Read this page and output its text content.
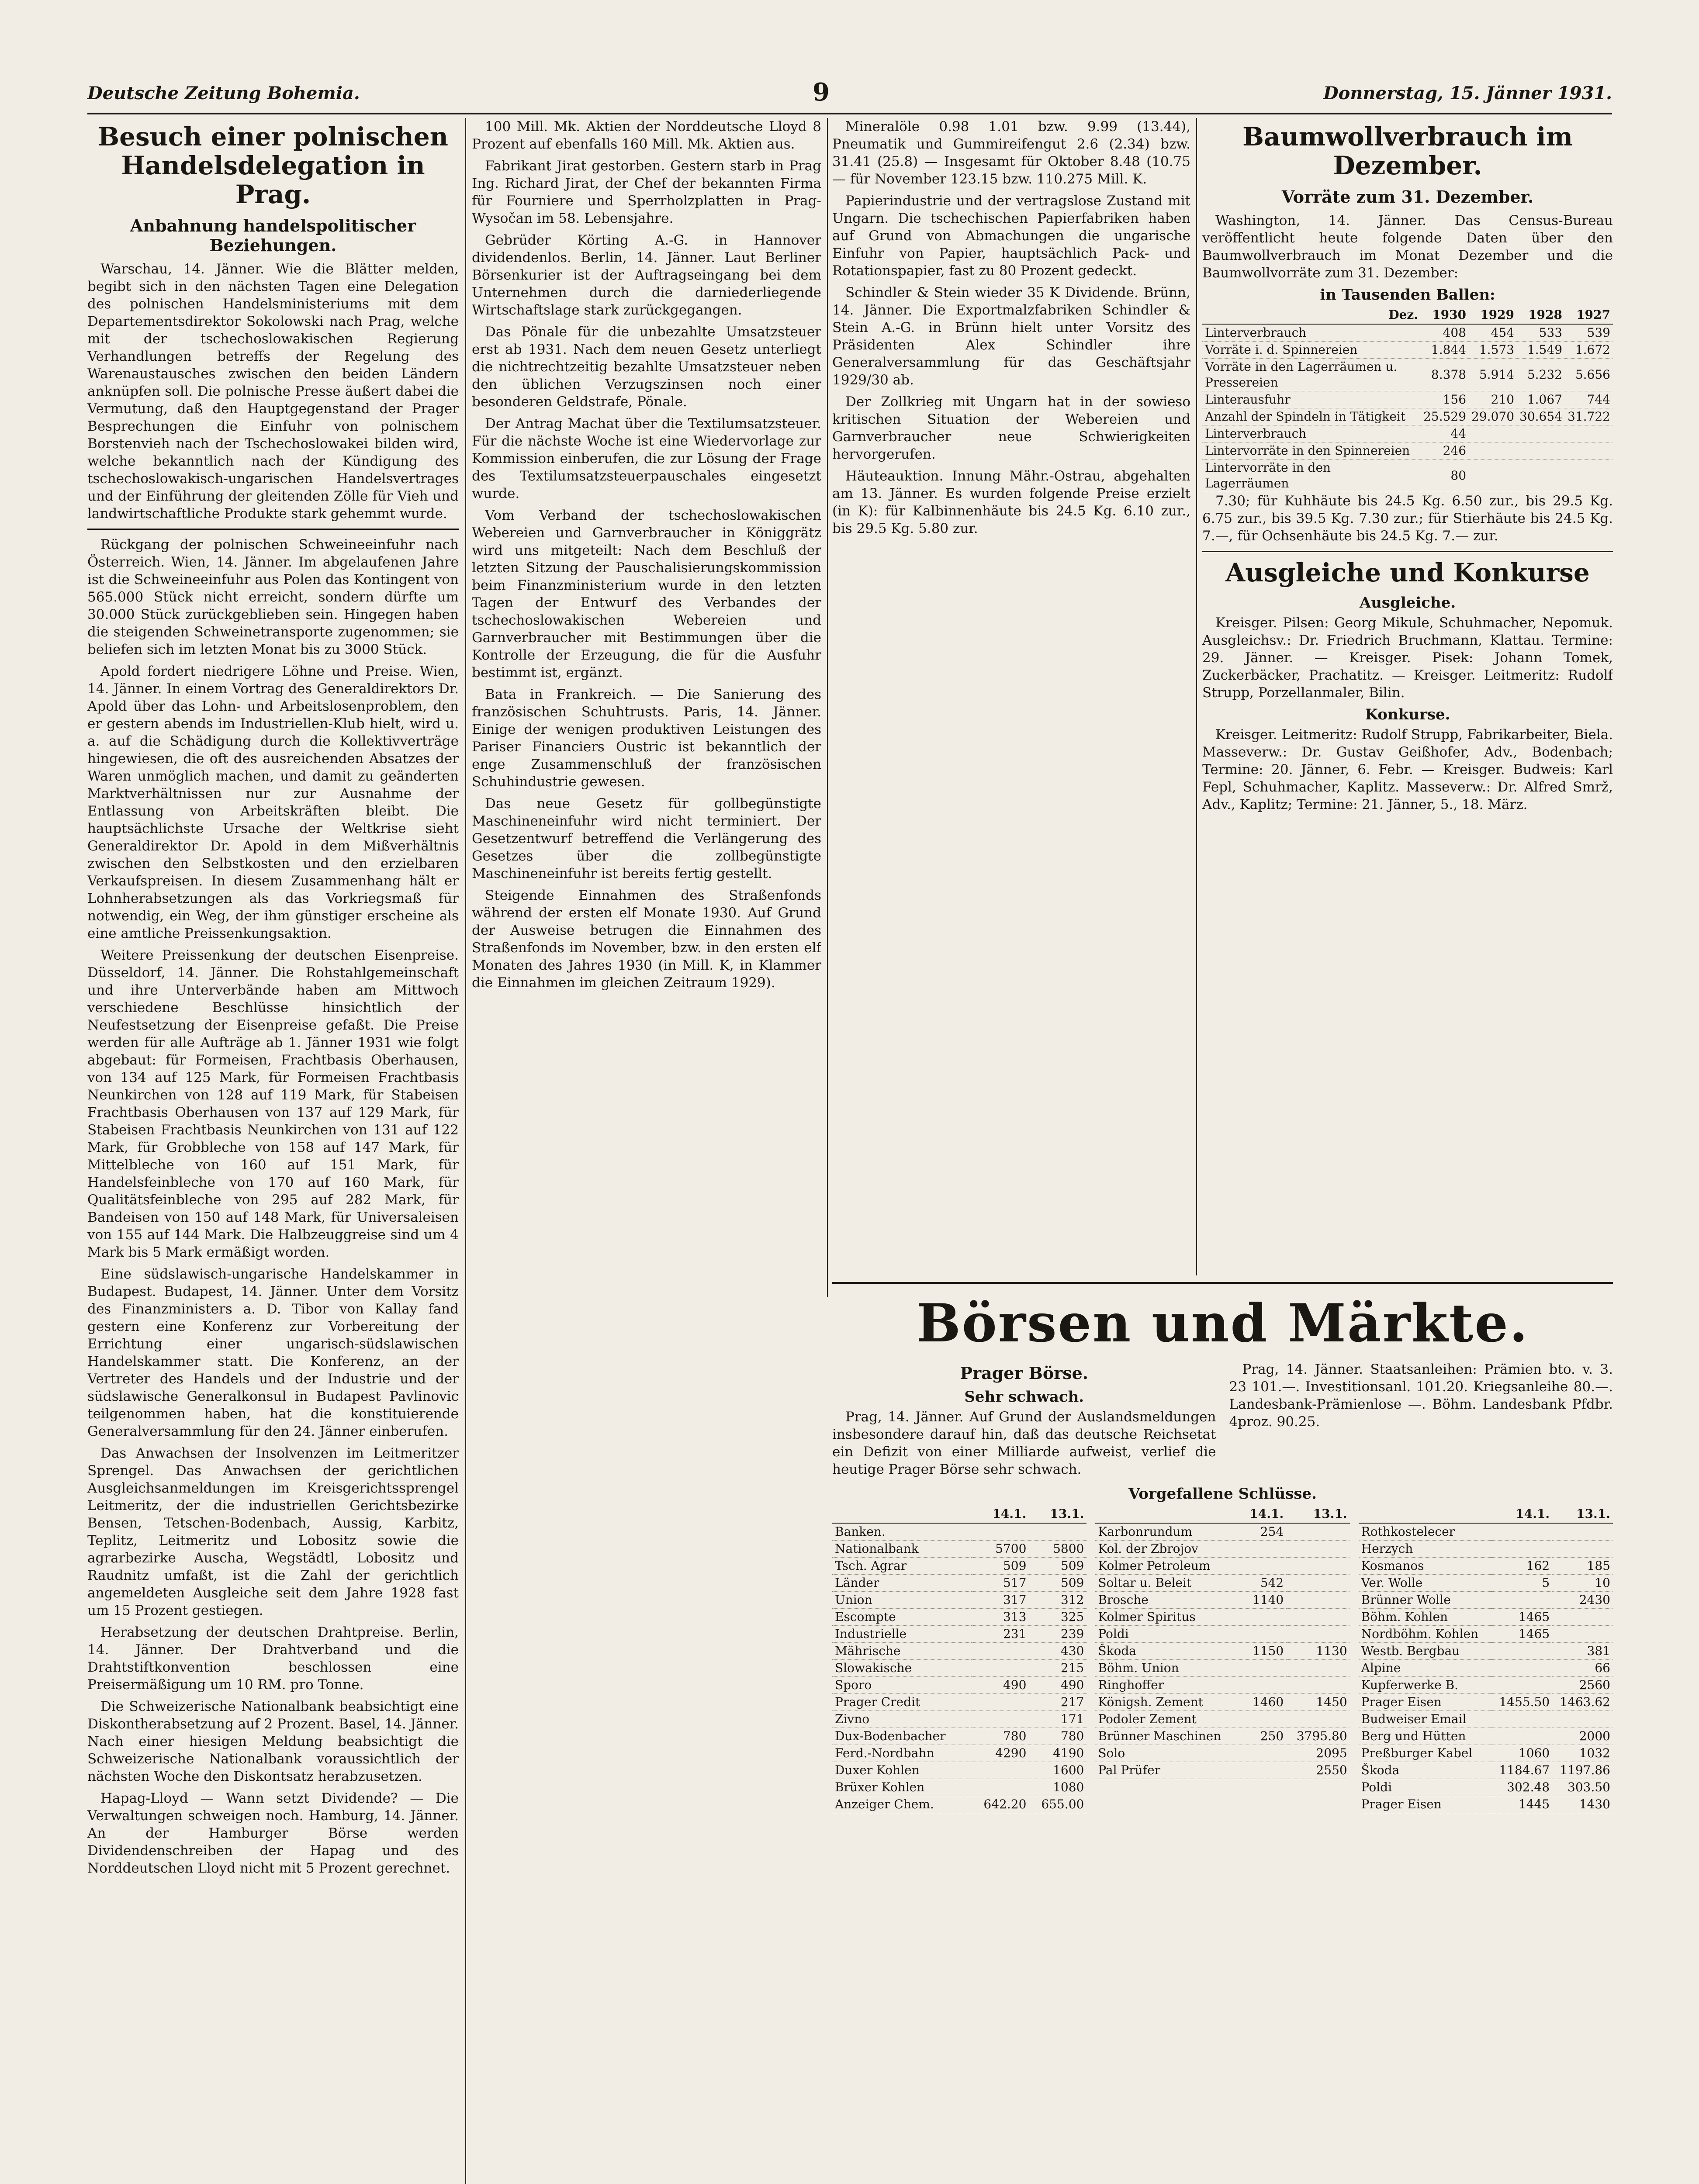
Deutsche Zeitung Bohemia.	9	Donnerstag, 15. Jänner 1931.
Besuch einer polnischen Handelsdelegation in Prag.
Anbahnung handelspolitischer Beziehungen.

Warschau, 14. Jänner. Wie die Blätter melden, begibt sich in den nächsten Tagen eine Delegation des polnischen Handelsministeriums mit dem Departementsdirektor Sokolowski nach Prag, welche mit der tschechoslowakischen Regierung Verhandlungen betreffs der Regelung des Warenaustausches zwischen den beiden Ländern anknüpfen soll. Die polnische Presse äußert dabei die Vermutung, daß den Hauptgegenstand der Prager Besprechungen die Einfuhr von polnischem Borstenvieh nach der Tschechoslowakei bilden wird, welche bekanntlich nach der Kündigung des tschechoslowakisch-ungarischen Handelsvertrages und der Einführung der gleitenden Zölle für Vieh und landwirtschaftliche Produkte stark gehemmt wurde.

Rückgang der polnischen Schweineeinfuhr nach Österreich. Wien, 14. Jänner. Im abgelaufenen Jahre ist die Schweineeinfuhr aus Polen das Kontingent von 565.000 Stück nicht erreicht, sondern dürfte um 30.000 Stück zurückgeblieben sein. Hingegen haben die steigenden Schweinetransporte zugenommen; sie beliefen sich im letzten Monat bis zu 3000 Stück.

Apold fordert niedrigere Löhne und Preise. Wien, 14. Jänner. In einem Vortrag des Generaldirektors Dr. Apold über das Lohn- und Arbeitslosenproblem, den er gestern abends im Industriellen-Klub hielt, wird u. a. auf die Schädigung durch die Kollektivverträge hingewiesen, die oft des ausreichenden Absatzes der Waren unmöglich machen, und damit zu geänderten Marktverhältnissen nur zur Ausnahme der Entlassung von Arbeitskräften bleibt. Die hauptsächlichste Ursache der Weltkrise sieht Generaldirektor Dr. Apold in dem Mißverhältnis zwischen den Selbstkosten und den erzielbaren Verkaufspreisen. In diesem Zusammenhang hält er Lohnherabsetzungen als das Vorkriegsmaß für notwendig, ein Weg, der ihm günstiger erscheine als eine amtliche Preissenkungsaktion.

Weitere Preissenkung der deutschen Eisenpreise. Düsseldorf, 14. Jänner. Die Rohstahlgemeinschaft und ihre Unterverbände haben am Mittwoch verschiedene Beschlüsse hinsichtlich der Neufestsetzung der Eisenpreise gefaßt. Die Preise werden für alle Aufträge ab 1. Jänner 1931 wie folgt abgebaut: für Formeisen, Frachtbasis Oberhausen, von 134 auf 125 Mark, für Formeisen Frachtbasis Neunkirchen von 128 auf 119 Mark, für Stabeisen Frachtbasis Oberhausen von 137 auf 129 Mark, für Stabeisen Frachtbasis Neunkirchen von 131 auf 122 Mark, für Grobbleche von 158 auf 147 Mark, für Mittelbleche von 160 auf 151 Mark, für Handelsfeinbleche von 170 auf 160 Mark, für Qualitätsfeinbleche von 295 auf 282 Mark, für Bandeisen von 150 auf 148 Mark, für Universaleisen von 155 auf 144 Mark. Die Halbzeuggreise sind um 4 Mark bis 5 Mark ermäßigt worden.

Eine südslawisch-ungarische Handelskammer in Budapest. Budapest, 14. Jänner. Unter dem Vorsitz des Finanzministers a. D. Tibor von Kallay fand gestern eine Konferenz zur Vorbereitung der Errichtung einer ungarisch-südslawischen Handelskammer statt. Die Konferenz, an der Vertreter des Handels und der Industrie und der südslawische Generalkonsul in Budapest Pavlinovic teilgenommen haben, hat die konstituierende Generalversammlung für den 24. Jänner einberufen.

Das Anwachsen der Insolvenzen im Leitmeritzer Sprengel. Das Anwachsen der gerichtlichen Ausgleichsanmeldungen im Kreisgerichtssprengel Leitmeritz, der die industriellen Gerichtsbezirke Bensen, Tetschen-Bodenbach, Aussig, Karbitz, Teplitz, Leitmeritz und Lobositz sowie die agrarbezirke Auscha, Wegstädtl, Lobositz und Raudnitz umfaßt, ist die Zahl der gerichtlich angemeldeten Ausgleiche seit dem Jahre 1928 fast um 15 Prozent gestiegen.

Herabsetzung der deutschen Drahtpreise. Berlin, 14. Jänner. Der Drahtverband und die Drahtstiftkonvention beschlossen eine Preisermäßigung um 10 RM. pro Tonne.

Die Schweizerische Nationalbank beabsichtigt eine Diskontherabsetzung auf 2 Prozent. Basel, 14. Jänner. Nach einer hiesigen Meldung beabsichtigt die Schweizerische Nationalbank voraussichtlich der nächsten Woche den Diskontsatz herabzusetzen.

Hapag-Lloyd — Wann setzt Dividende? — Die Verwaltungen schweigen noch. Hamburg, 14. Jänner. An der Hamburger Börse werden Dividendenschreiben der Hapag und des Norddeutschen Lloyd nicht mit 5 Prozent gerechnet.

100 Mill. Mk. Aktien der Norddeutsche Lloyd 8 Prozent auf ebenfalls 160 Mill. Mk. Aktien aus.

Fabrikant Jirat gestorben. Gestern starb in Prag Ing. Richard Jirat, der Chef der bekannten Firma für Fourniere und Sperrholzplatten in Prag-Wysočan im 58. Lebensjahre.

Gebrüder Körting A.-G. in Hannover dividendenlos. Berlin, 14. Jänner. Laut Berliner Börsenkurier ist der Auftragseingang bei dem Unternehmen durch die darniederliegende Wirtschaftslage stark zurückgegangen.

Das Pönale für die unbezahlte Umsatzsteuer erst ab 1931. Nach dem neuen Gesetz unterliegt die nichtrechtzeitig bezahlte Umsatzsteuer neben den üblichen Verzugszinsen noch einer besonderen Geldstrafe, Pönale.

Der Antrag Machat über die Textilumsatzsteuer. Für die nächste Woche ist eine Wiedervorlage zur Kommission einberufen, die zur Lösung der Frage des Textilumsatzsteuerpauschales eingesetzt wurde.

Vom Verband der tschechoslowakischen Webereien und Garnverbraucher in Königgrätz wird uns mitgeteilt: Nach dem Beschluß der letzten Sitzung der Pauschalisierungskommission beim Finanzministerium wurde in den letzten Tagen der Entwurf des Verbandes der tschechoslowakischen Webereien und Garnverbraucher mit Bestimmungen über die Kontrolle der Erzeugung, die für die Ausfuhr bestimmt ist, ergänzt.

Bata in Frankreich. — Die Sanierung des französischen Schuhtrusts. Paris, 14. Jänner. Einige der wenigen produktiven Leistungen des Pariser Financiers Oustric ist bekanntlich der enge Zusammenschluß der französischen Schuhindustrie gewesen.

Das neue Gesetz für gollbegünstigte Maschineneinfuhr wird nicht terminiert. Der Gesetzentwurf betreffend die Verlängerung des Gesetzes über die zollbegünstigte Maschineneinfuhr ist bereits fertig gestellt.

Steigende Einnahmen des Straßenfonds während der ersten elf Monate 1930. Auf Grund der Ausweise betrugen die Einnahmen des Straßenfonds im November, bzw. in den ersten elf Monaten des Jahres 1930 (in Mill. K, in Klammer die Einnahmen im gleichen Zeitraum 1929).

Mineralöle 0.98 1.01 bzw. 9.99 (13.44), Pneumatik und Gummireifengut 2.6 (2.34) bzw. 31.41 (25.8) — Insgesamt für Oktober 8.48 (10.75 — für November 123.15 bzw. 110.275 Mill. K.

Papierindustrie und der vertragslose Zustand mit Ungarn. Die tschechischen Papierfabriken haben auf Grund von Abmachungen die ungarische Einfuhr von Papier, hauptsächlich Pack- und Rotationspapier, fast zu 80 Prozent gedeckt.

Schindler & Stein wieder 35 K Dividende. Brünn, 14. Jänner. Die Exportmalzfabriken Schindler & Stein A.-G. in Brünn hielt unter Vorsitz des Präsidenten Alex Schindler ihre Generalversammlung für das Geschäftsjahr 1929/30 ab.

Der Zollkrieg mit Ungarn hat in der sowieso kritischen Situation der Webereien und Garnverbraucher neue Schwierigkeiten hervorgerufen.

Häuteauktion. Innung Mähr.-Ostrau, abgehalten am 13. Jänner. Es wurden folgende Preise erzielt (in K): für Kalbinnenhäute bis 24.5 Kg. 6.10 zur., bis 29.5 Kg. 5.80 zur.

Baumwollverbrauch im Dezember.
Vorräte zum 31. Dezember.

Washington, 14. Jänner. Das Census-Bureau veröffentlicht heute folgende Daten über den Baumwollverbrauch im Monat Dezember und die Baumwollvorräte zum 31. Dezember:

in Tausenden Ballen:
Dez.	1930	1929	1928	1927
Linterverbrauch	408	454	533	539
Vorräte i. d. Spinnereien	1.844	1.573	1.549	1.672
Vorräte in den Lagerräumen u. Pressereien	8.378	5.914	5.232	5.656
Linterausfuhr	156	210	1.067	744
Anzahl der Spindeln in Tätigkeit	25.529	29.070	30.654	31.722
Linterverbrauch	44			
Lintervorräte in den Spinnereien	246			
Lintervorräte in den Lagerräumen	80			

7.30; für Kuhhäute bis 24.5 Kg. 6.50 zur., bis 29.5 Kg. 6.75 zur., bis 39.5 Kg. 7.30 zur.; für Stierhäute bis 24.5 Kg. 7.—, für Ochsenhäute bis 24.5 Kg. 7.— zur.

Ausgleiche und Konkurse
Ausgleiche.

Kreisger. Pilsen: Georg Mikule, Schuhmacher, Nepomuk. Ausgleichsv.: Dr. Friedrich Bruchmann, Klattau. Termine: 29. Jänner. — Kreisger. Pisek: Johann Tomek, Zuckerbäcker, Prachatitz. — Kreisger. Leitmeritz: Rudolf Strupp, Porzellanmaler, Bilin.

Konkurse.

Kreisger. Leitmeritz: Rudolf Strupp, Fabrikarbeiter, Biela. Masseverw.: Dr. Gustav Geißhofer, Adv., Bodenbach; Termine: 20. Jänner, 6. Febr. — Kreisger. Budweis: Karl Fepl, Schuhmacher, Kaplitz. Masseverw.: Dr. Alfred Smrž, Adv., Kaplitz; Termine: 21. Jänner, 5., 18. März.

Börsen und Märkte.
Prager Börse.
Sehr schwach.

Prag, 14. Jänner. Auf Grund der Auslandsmeldungen insbesondere darauf hin, daß das deutsche Reichsetat ein Defizit von einer Milliarde aufweist, verlief die heutige Prager Börse sehr schwach.

Prag, 14. Jänner. Staatsanleihen: Prämien bto. v. 3. 23 101.—. Investitionsanl. 101.20. Kriegsanleihe 80.—. Landesbank-Prämienlose —. Böhm. Landesbank Pfdbr. 4proz. 90.25.

Vorgefallene Schlüsse.
	14.1.	13.1.
Banken.		
Nationalbank	5700	5800
Tsch. Agrar	509	509
Länder	517	509
Union	317	312
Escompte	313	325
Industrielle	231	239
Mährische		430
Slowakische		215
Sporo	490	490
Prager Credit		217
Zivno		171
Dux-Bodenbacher	780	780
Ferd.-Nordbahn	4290	4190
Duxer Kohlen		1600
Brüxer Kohlen		1080
Anzeiger Chem.	642.20	655.00
	14.1.	13.1.
Karbonrundum	254	
Kol. der Zbrojov		
Kolmer Petroleum		
Soltar u. Beleit	542	
Brosche	1140	
Kolmer Spiritus		
Poldi		
Škoda	1150	1130
Böhm. Union		
Ringhoffer		
Königsh. Zement	1460	1450
Podoler Zement		
Brünner Maschinen	250	3795.80
Solo		2095
Pal Prüfer		2550
	14.1.	13.1.
Rothkostelecer		
Herzych		
Kosmanos	162	185
Ver. Wolle	5	10
Brünner Wolle		2430
Böhm. Kohlen	1465	
Nordböhm. Kohlen	1465	
Westb. Bergbau		381
Alpine		66
Kupferwerke B.		2560
Prager Eisen	1455.50	1463.62
Budweiser Email		
Berg und Hütten		2000
Preßburger Kabel	1060	1032
Škoda	1184.67	1197.86
Poldi	302.48	303.50
Prager Eisen	1445	1430
